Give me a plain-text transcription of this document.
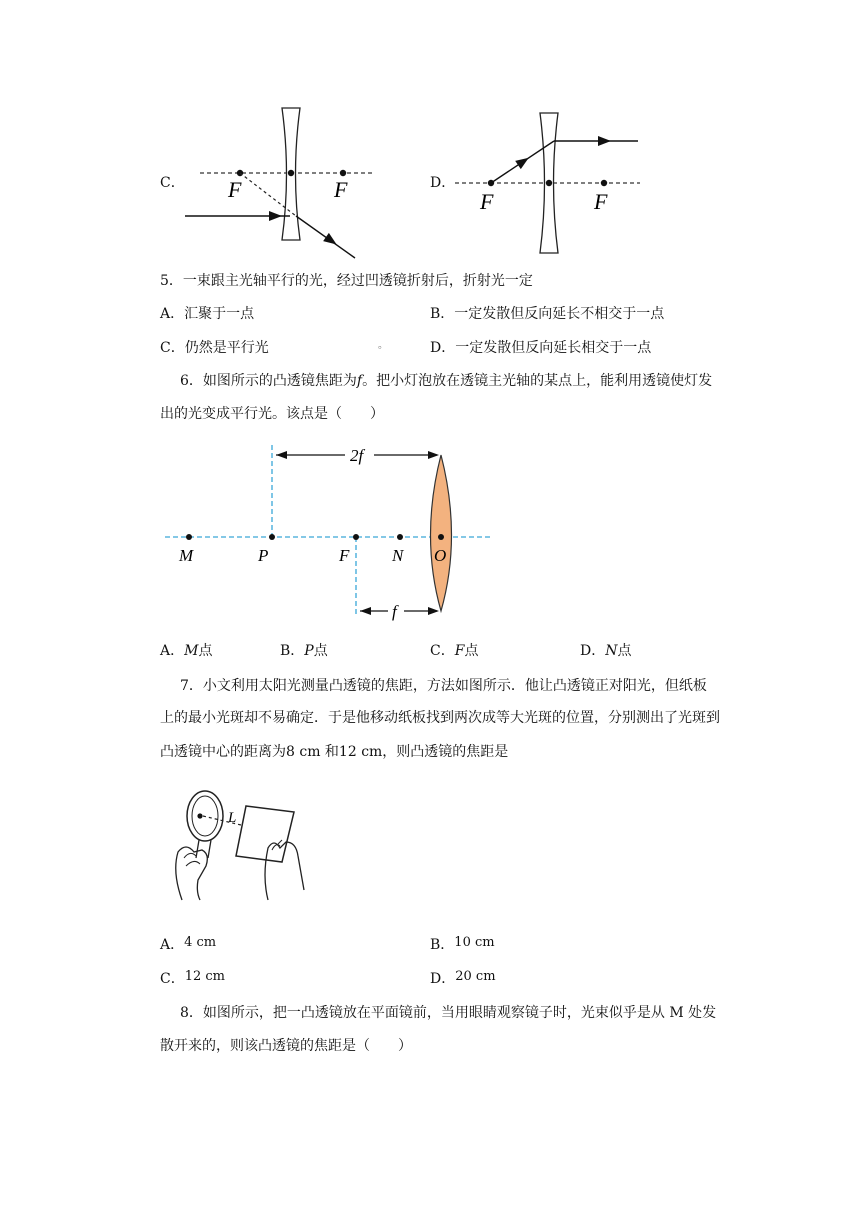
C． F	F	D．
F	F
5．一束跟主光轴平行的光，经过凹透镜折射后，折射光一定
A．汇聚于一点	B．一定发散但反向延长不相交于一点
C．仍然是平行光	。	D．一定发散但反向延长相交于一点
6．如图所示的凸透镜焦距为f。把小灯泡放在透镜主光轴的某点上，能利用透镜使灯发
出的光变成平行光。该点是（　　）
2f
f
M	P	F	N O
A．M点	B．P点	C．F点	D．N点
7．小文利用太阳光测量凸透镜的焦距，方法如图所示．他让凸透镜正对阳光，但纸板
上的最小光斑却不易确定．于是他移动纸板找到两次成等大光斑的位置，分别测出了光斑到
凸透镜中心的距离为8 cm 和12 cm，则凸透镜的焦距是
L
A．4 cm	B．10 cm
C．12 cm	D．20 cm
8．如图所示，把一凸透镜放在平面镜前，当用眼睛观察镜子时，光束似乎是从 M 处发
散开来的，则该凸透镜的焦距是（　　）
